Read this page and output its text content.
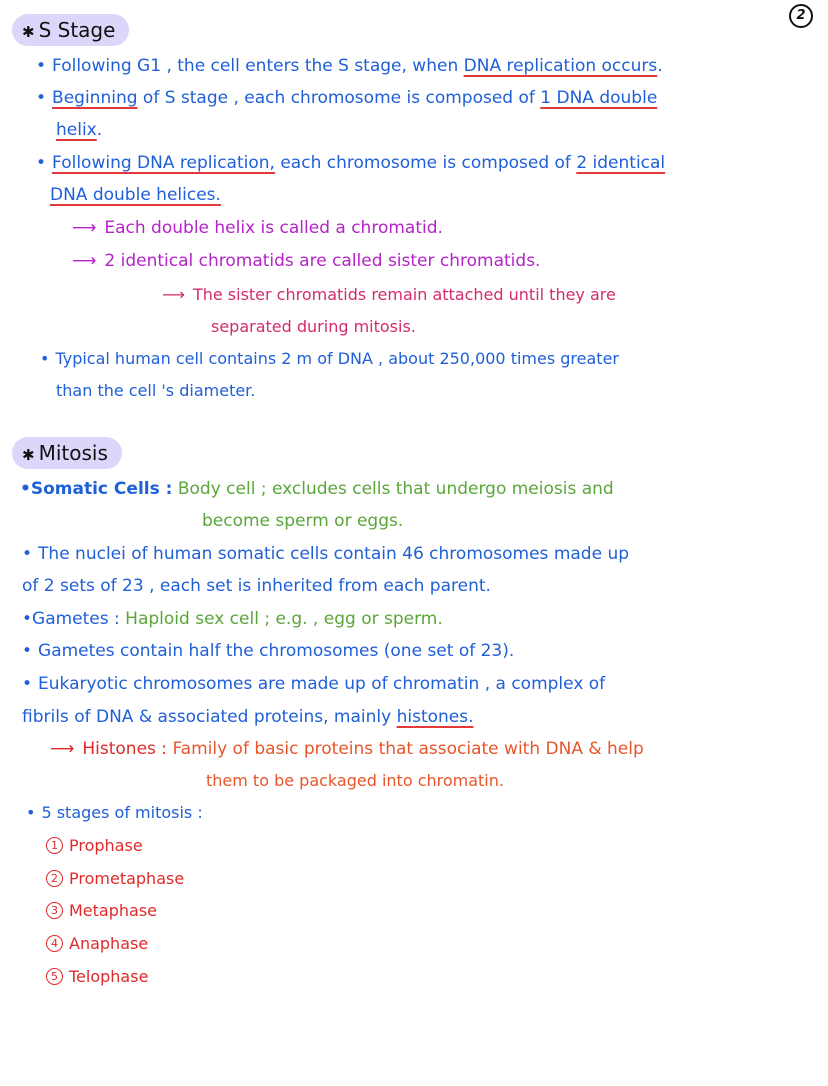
2
✱ S Stage
• Following G1 , the cell enters the S stage, when DNA replication occurs.
• Beginning of S stage , each chromosome is composed of 1 DNA double
helix.
• Following DNA replication, each chromosome is composed of 2 identical
DNA double helices.
⟶ Each double helix is called a chromatid.
⟶ 2 identical chromatids are called sister chromatids.
⟶ The sister chromatids remain attached until they are
separated during mitosis.
• Typical human cell contains 2 m of DNA , about 250,000 times greater
than the cell 's diameter.
✱ Mitosis
•Somatic Cells : Body cell ; excludes cells that undergo meiosis and
become sperm or eggs.
• The nuclei of human somatic cells contain 46 chromosomes made up
of 2 sets of 23 , each set is inherited from each parent.
•Gametes : Haploid sex cell ; e.g. , egg or sperm.
• Gametes contain half the chromosomes (one set of 23).
• Eukaryotic chromosomes are made up of chromatin , a complex of
fibrils of DNA & associated proteins, mainly histones.
⟶ Histones : Family of basic proteins that associate with DNA & help
them to be packaged into chromatin.
• 5 stages of mitosis :
1 Prophase
2 Prometaphase
3 Metaphase
4 Anaphase
5 Telophase
